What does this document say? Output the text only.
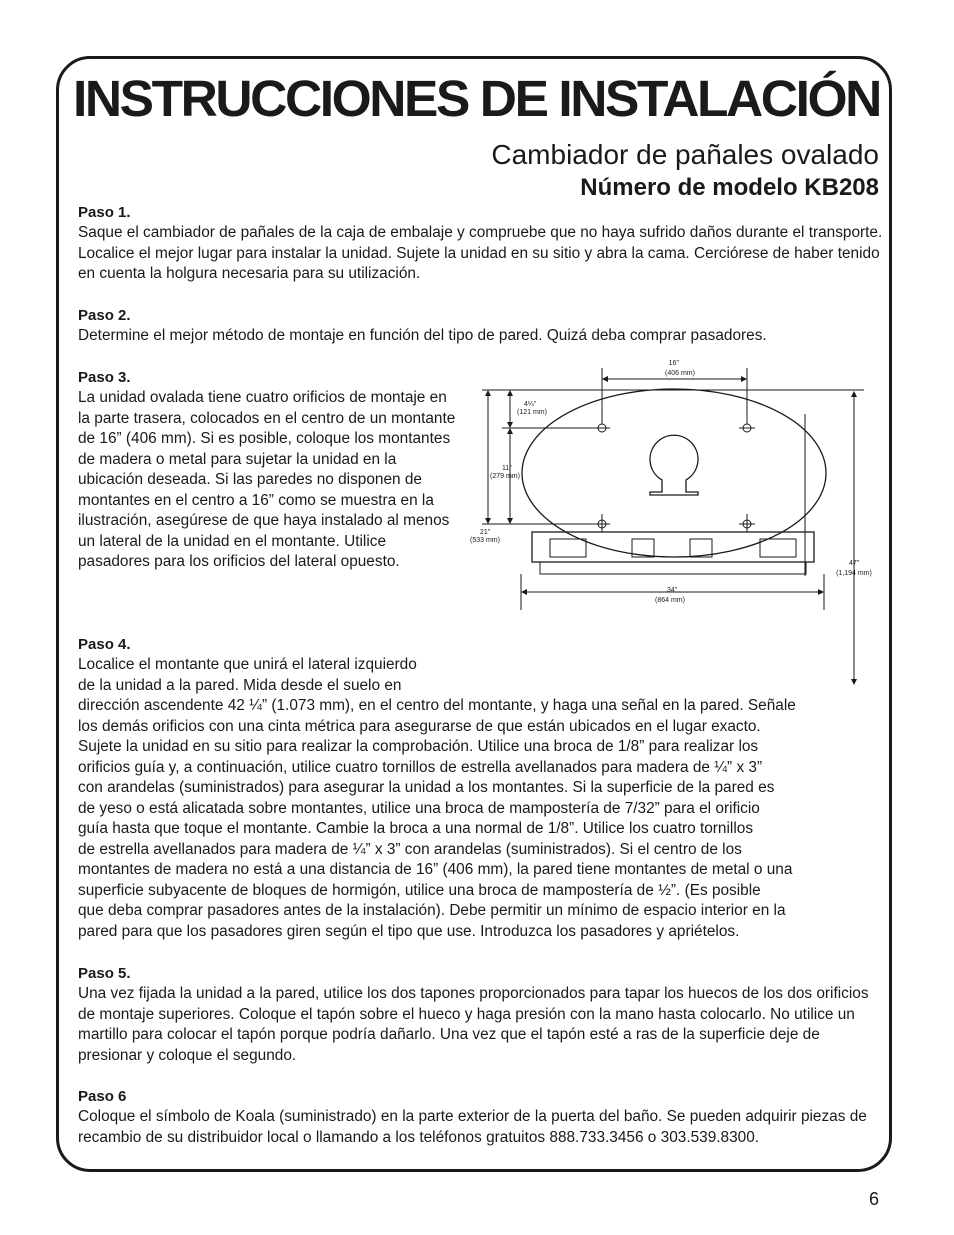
INSTRUCCIONES DE INSTALACIÓN
Cambiador de pañales ovalado
Número de modelo KB208

Paso 1.

Saque el cambiador de pañales de la caja de embalaje y compruebe que no haya sufrido daños durante el transporte. Localice el mejor lugar para instalar la unidad. Sujete la unidad en su sitio y abra la cama. Cerciórese de haber tenido en cuenta la holgura necesaria para su utilización.

Paso 2.

Determine el mejor método de montaje en función del tipo de pared. Quizá deba comprar pasadores.

Paso 3.

La unidad ovalada tiene cuatro orificios de montaje en la parte trasera, colocados en el centro de un montante de 16” (406 mm). Si es posible, coloque los montantes de madera o metal para sujetar la unidad en la ubicación deseada. Si las paredes no disponen de montantes en el centro a 16” como se muestra en la ilustración, asegúrese de que haya instalado al menos un lateral de la unidad en el montante. Utilice pasadores para los orificios del lateral opuesto.

Paso 4.

Localice el montante que unirá el lateral izquierdo
de la unidad a la pared. Mida desde el suelo en
dirección ascendente 42 ¼” (1.073 mm), en el centro del montante, y haga una señal en la pared. Señale
los demás orificios con una cinta métrica para asegurarse de que están ubicados en el lugar exacto.
Sujete la unidad en su sitio para realizar la comprobación. Utilice una broca de 1/8” para realizar los
orificios guía y, a continuación, utilice cuatro tornillos de estrella avellanados para madera de ¼” x 3”
con arandelas (suministrados) para asegurar la unidad a los montantes. Si la superficie de la pared es
de yeso o está alicatada sobre montantes, utilice una broca de mampostería de 7/32” para el orificio
guía hasta que toque el montante. Cambie la broca a una normal de 1/8”. Utilice los cuatro tornillos
de estrella avellanados para madera de ¼” x 3” con arandelas (suministrados). Si el centro de los
montantes de madera no está a una distancia de 16” (406 mm), la pared tiene montantes de metal o una
superficie subyacente de bloques de hormigón, utilice una broca de mampostería de ½”. (Es posible
que deba comprar pasadores antes de la instalación). Debe permitir un mínimo de espacio interior en la
pared para que los pasadores giren según el tipo que use. Introduzca los pasadores y apriételos.

Paso 5.

Una vez fijada la unidad a la pared, utilice los dos tapones proporcionados para tapar los huecos de los dos orificios de montaje superiores. Coloque el tapón sobre el hueco y haga presión con la mano hasta colocarlo. No utilice un martillo para colocar el tapón porque podría dañarlo. Una vez que el tapón esté a ras de la superficie deje de presionar y coloque el segundo.

Paso 6

Coloque el símbolo de Koala (suministrado) en la parte exterior de la puerta del baño. Se pueden adquirir piezas de recambio de su distribuidor local o llamando a los teléfonos gratuitos 888.733.3456 o 303.539.8300.

16’’
(406 mm)
4¼”
(121 mm)
11”
(279 mm)
21”
(533 mm)
47”
(1,194 mm)
34”
(864 mm)
6
